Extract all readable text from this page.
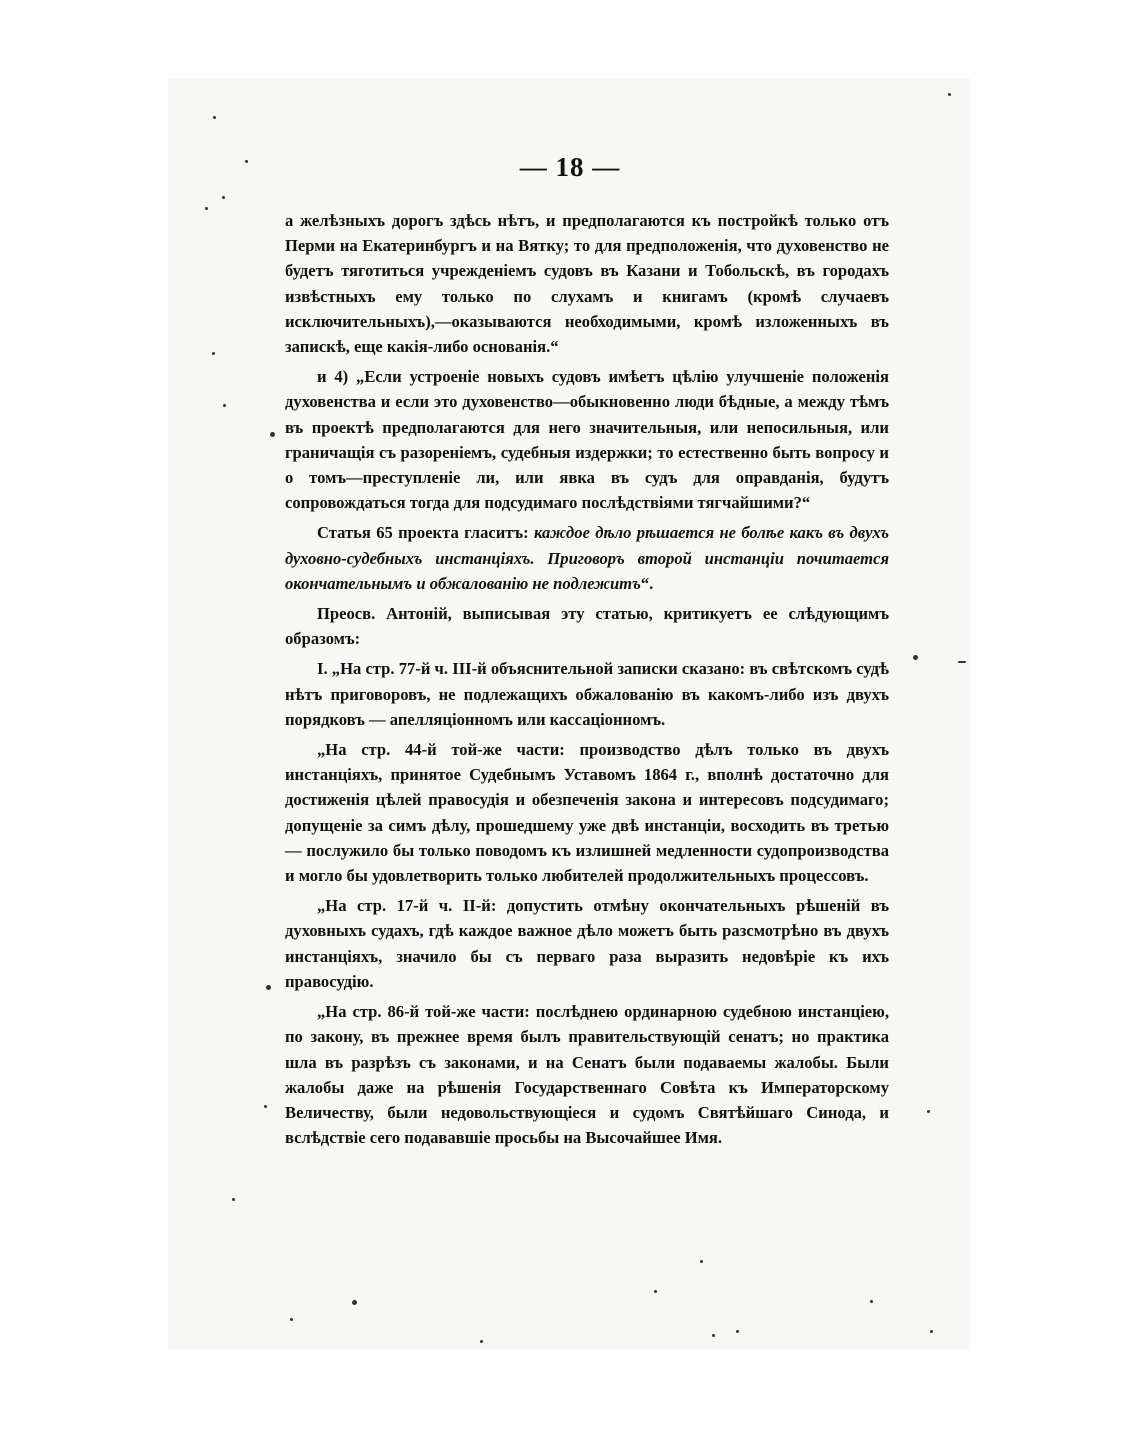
— 18 —

а желѣзныхъ дорогъ здѣсь нѣтъ, и предполагаются къ постройкѣ только отъ Перми на Екатеринбургъ и на Вятку; то для предположенія, что духовенство не будетъ тяготиться учрежденіемъ судовъ въ Казани и Тобольскѣ, въ городахъ извѣстныхъ ему только по слухамъ и книгамъ (кромѣ случаевъ исключительныхъ),—оказываются необходимыми, кромѣ изложенныхъ въ запискѣ, еще какія-либо основанія.“

и 4) „Если устроеніе новыхъ судовъ имѣетъ цѣлію улучшеніе положенія духовенства и если это духовенство—обыкновенно люди бѣдные, а между тѣмъ въ проектѣ предполагаются для него значительныя, или непосильныя, или граничащія съ разореніемъ, судебныя издержки; то естественно быть вопросу и о томъ—преступленіе ли, или явка въ судъ для оправданія, будутъ сопровождаться тогда для подсудимаго послѣдствіями тягчайшими?“

Статья 65 проекта гласитъ: каждое дѣло рѣшается не болѣе какъ въ двухъ духовно-судебныхъ инстанціяхъ. Приговоръ второй инстанціи почитается окончательнымъ и обжалованію не подлежитъ“.

Преосв. Антоній, выписывая эту статью, критикуетъ ее слѣдующимъ образомъ:

I. „На стр. 77-й ч. III-й объяснительной записки сказано: въ свѣтскомъ судѣ нѣтъ приговоровъ, не подлежащихъ обжалованію въ какомъ-либо изъ двухъ порядковъ — апелляціонномъ или кассаціонномъ.

„На стр. 44-й той-же части: производство дѣлъ только въ двухъ инстанціяхъ, принятое Судебнымъ Уставомъ 1864 г., вполнѣ достаточно для достиженія цѣлей правосудія и обезпеченія закона и интересовъ подсудимаго; допущеніе за симъ дѣлу, прошедшему уже двѣ инстанціи, восходить въ третью — послужило бы только поводомъ къ излишней медленности судопроизводства и могло бы удовлетворить только любителей продолжительныхъ процессовъ.

„На стр. 17-й ч. II-й: допустить отмѣну окончательныхъ рѣшеній въ духовныхъ судахъ, гдѣ каждое важное дѣло можетъ быть разсмотрѣно въ двухъ инстанціяхъ, значило бы съ перваго раза выразить недовѣріе къ ихъ правосудію.

„На стр. 86-й той-же части: послѣднею ординарною судебною инстанціею, по закону, въ прежнее время былъ правительствующій сенатъ; но практика шла въ разрѣзъ съ законами, и на Сенатъ были подаваемы жалобы. Были жалобы даже на рѣшенія Государственнаго Совѣта къ Императорскому Величеству, были недовольствующіеся и судомъ Святѣйшаго Синода, и вслѣдствіе сего подававшіе просьбы на Высочайшее Имя.
